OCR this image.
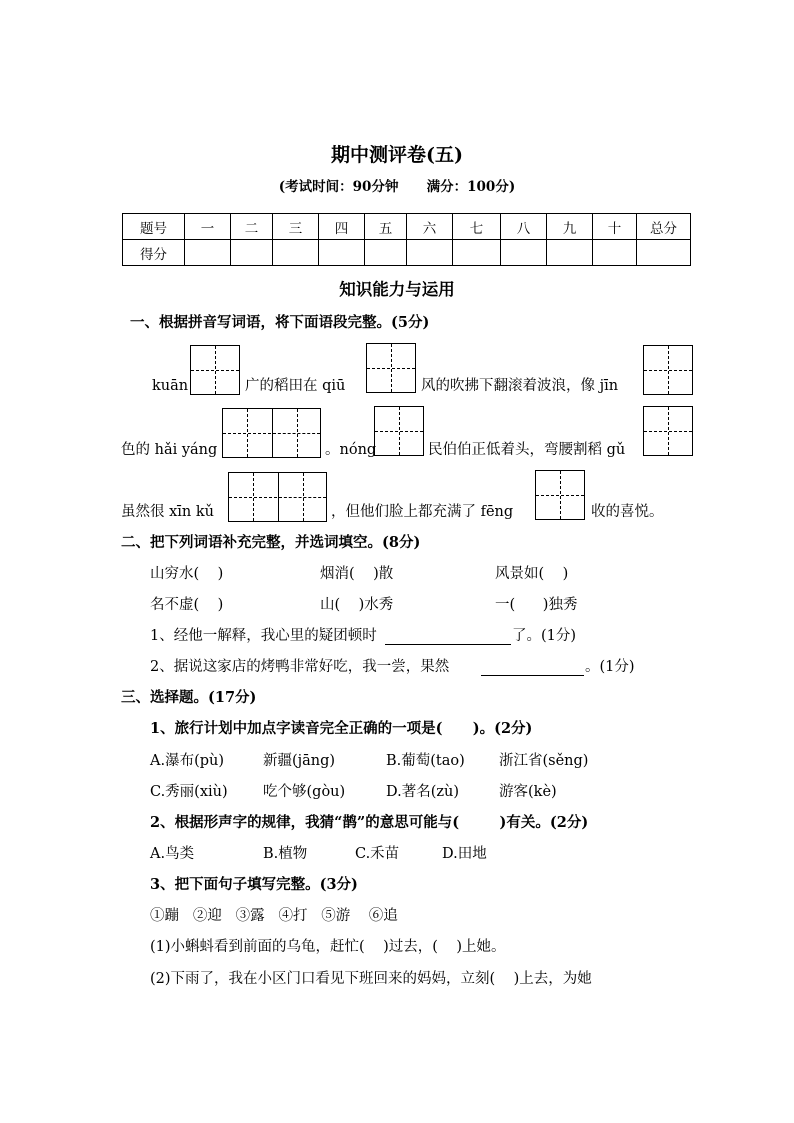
期中测评卷(五)
(考试时间：90分钟      满分：100分)
题号	一	二	三	四	五	六	七	八	九	十	总分
得分											
知识能力与运用
一、根据拼音写词语，将下面语段完整。(5分)
kuān	广的稻田在 qiū	风的吹拂下翻滚着波浪，像 jīn
色的 hǎi yáng	。nóng	民伯伯正低着头，弯腰割稻 gǔ
虽然很 xīn kǔ	，但他们脸上都充满了 fēng	收的喜悦。
二、把下列词语补充完整，并选词填空。(8分)
山穷水(    )	烟消(    )散	风景如(    )
名不虚(    )	山(    )水秀	一(      )独秀
1、经他一解释，我心里的疑团顿时	了。(1分)
2、据说这家店的烤鸭非常好吃，我一尝，果然	。(1分)
三、选择题。(17分)
1、旅行计划中加点字读音完全正确的一项是(      )。(2分)
A.瀑布(pù)	新疆(jāng)	B.葡萄(tao) 浙江省(sěng)
C.秀丽(xiù) 吃个够(gòu)	D.著名(zù)	游客(kè)
2、根据形声字的规律，我猜“鹊”的意思可能与(        )有关。(2分)
A.鸟类	B.植物	C.禾苗	D.田地
3、把下面句子填写完整。(3分)
①蹦   ②迎   ③露   ④打   ⑤游    ⑥追
(1)小蝌蚪看到前面的乌龟，赶忙(    )过去，(    )上她。
(2)下雨了，我在小区门口看见下班回来的妈妈，立刻(    )上去，为她
